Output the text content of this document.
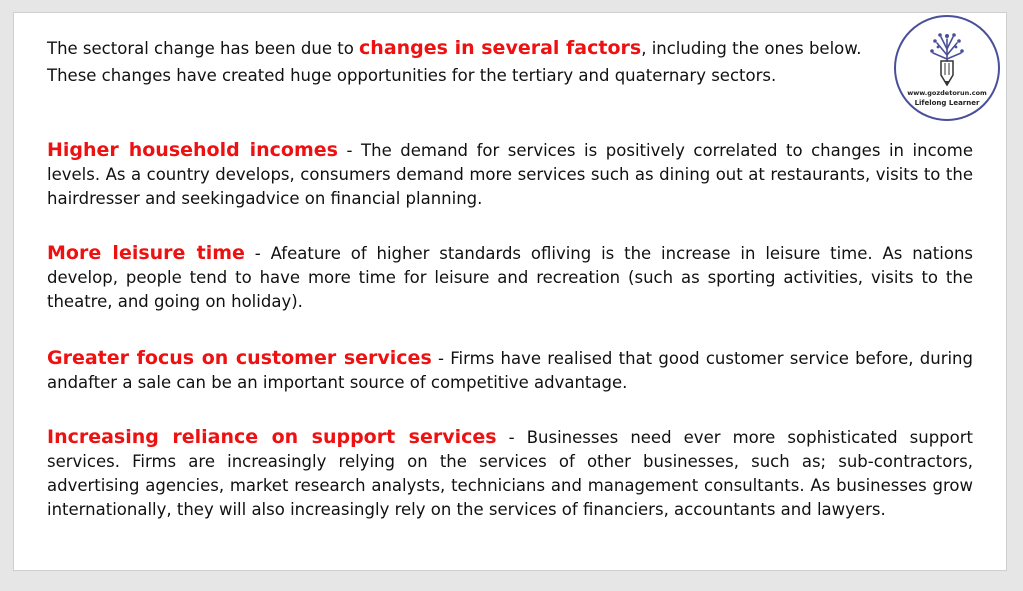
The sectoral change has been due to changes in several factors, including the ones below.

These changes have created huge opportunities for the tertiary and quaternary sectors.

www.gozdetorun.com
Lifelong Learner
Higher household incomes - The demand for services is positively correlated to changes in income levels. As a country develops, consumers demand more services such as dining out at restaurants, visits to the hairdresser and seekingadvice on financial planning.
More leisure time - Afeature of higher standards ofliving is the increase in leisure time. As nations develop, people tend to have more time for leisure and recreation (such as sporting activities, visits to the theatre, and going on holiday).
Greater focus on customer services - Firms have realised that good customer service before, during andafter a sale can be an important source of competitive advantage.
Increasing reliance on support services - Businesses need ever more sophisticated support services. Firms are increasingly relying on the services of other businesses, such as; sub-contractors, advertising agencies, market research analysts, technicians and management consultants. As businesses grow internationally, they will also increasingly rely on the services of financiers, accountants and lawyers.
